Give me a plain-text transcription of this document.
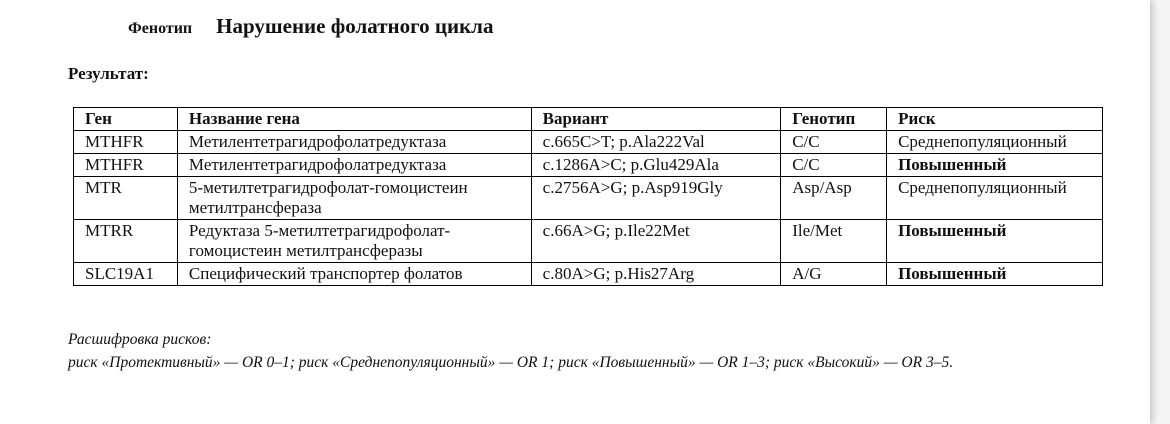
Фенотип Нарушение фолатного цикла
Результат:
Ген	Название гена	Вариант	Генотип	Риск
MTHFR	Метилентетрагидрофолатредуктаза	c.665C>T; p.Ala222Val	C/C	Среднепопуляционный
MTHFR	Метилентетрагидрофолатредуктаза	c.1286A>C; p.Glu429Ala	C/C	Повышенный
MTR	5-метилтетрагидрофолат-гомоцистеин метилтрансфераза	c.2756A>G; p.Asp919Gly	Asp/Asp	Среднепопуляционный
MTRR	Редуктаза 5-метилтетрагидрофолат-гомоцистеин метилтрансферазы	c.66A>G; p.Ile22Met	Ile/Met	Повышенный
SLC19A1	Специфический транспортер фолатов	c.80A>G; p.His27Arg	A/G	Повышенный
Расшифровка рисков:
риск «Протективный» — OR 0–1; риск «Среднепопуляционный» — OR 1; риск «Повышенный» — OR 1–3; риск «Высокий» — OR 3–5.
